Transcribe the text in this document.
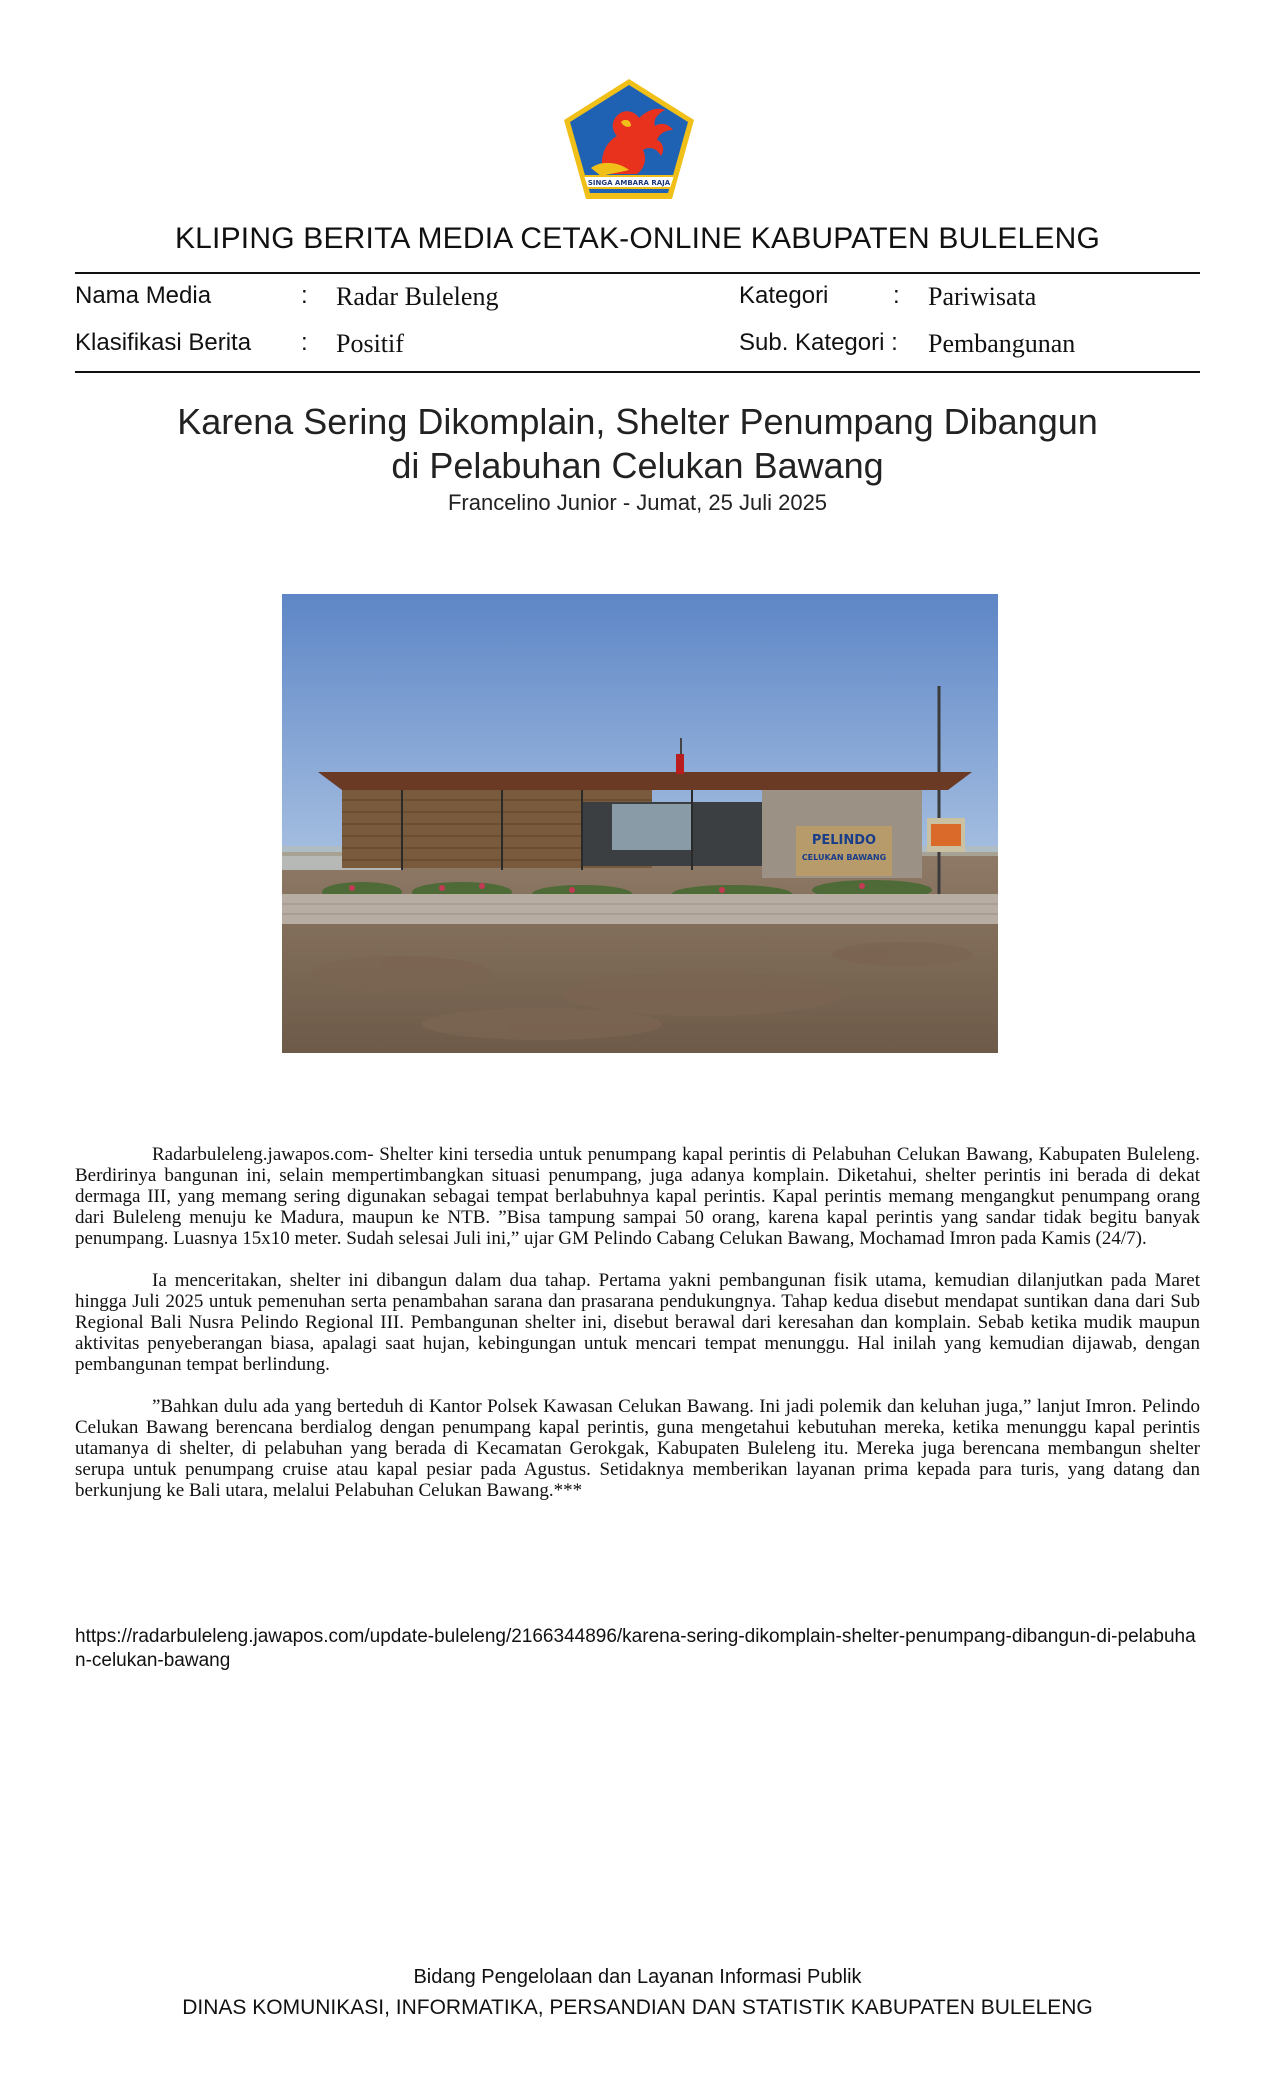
SINGA AMBARA RAJA
KLIPING BERITA MEDIA CETAK-ONLINE KABUPATEN BULELENG
Nama Media	: Radar Buleleng	Kategori	: Pariwisata
Klasifikasi Berita : Positif	Sub. Kategori : Pembangunan
Karena Sering Dikomplain, Shelter Penumpang Dibangun
di Pelabuhan Celukan Bawang
Francelino Junior - Jumat, 25 Juli 2025
PELINDO
CELUKAN BAWANG

Radarbuleleng.jawapos.com- Shelter kini tersedia untuk penumpang kapal perintis di Pelabuhan Celukan Bawang, Kabupaten Buleleng. Berdirinya bangunan ini, selain mempertimbangkan situasi penumpang, juga adanya komplain. Diketahui, shelter perintis ini berada di dekat dermaga III, yang memang sering digunakan sebagai tempat berlabuhnya kapal perintis. Kapal perintis memang mengangkut penumpang orang dari Buleleng menuju ke Madura, maupun ke NTB. ”Bisa tampung sampai 50 orang, karena kapal perintis yang sandar tidak begitu banyak penumpang. Luasnya 15x10 meter. Sudah selesai Juli ini,” ujar GM Pelindo Cabang Celukan Bawang, Mochamad Imron pada Kamis (24/7).

Ia menceritakan, shelter ini dibangun dalam dua tahap. Pertama yakni pembangunan fisik utama, kemudian dilanjutkan pada Maret hingga Juli 2025 untuk pemenuhan serta penambahan sarana dan prasarana pendukungnya. Tahap kedua disebut mendapat suntikan dana dari Sub Regional Bali Nusra Pelindo Regional III. Pembangunan shelter ini, disebut berawal dari keresahan dan komplain. Sebab ketika mudik maupun aktivitas penyeberangan biasa, apalagi saat hujan, kebingungan untuk mencari tempat menunggu. Hal inilah yang kemudian dijawab, dengan pembangunan tempat berlindung.

”Bahkan dulu ada yang berteduh di Kantor Polsek Kawasan Celukan Bawang. Ini jadi polemik dan keluhan juga,” lanjut Imron. Pelindo Celukan Bawang berencana berdialog dengan penumpang kapal perintis, guna mengetahui kebutuhan mereka, ketika menunggu kapal perintis utamanya di shelter, di pelabuhan yang berada di Kecamatan Gerokgak, Kabupaten Buleleng itu. Mereka juga berencana membangun shelter serupa untuk penumpang cruise atau kapal pesiar pada Agustus. Setidaknya memberikan layanan prima kepada para turis, yang datang dan berkunjung ke Bali utara, melalui Pelabuhan Celukan Bawang.***

https://radarbuleleng.jawapos.com/update-buleleng/2166344896/karena-sering-dikomplain-shelter-penumpang-dibangun-di-pelabuhan-celukan-bawang
Bidang Pengelolaan dan Layanan Informasi Publik
DINAS KOMUNIKASI, INFORMATIKA, PERSANDIAN DAN STATISTIK KABUPATEN BULELENG
